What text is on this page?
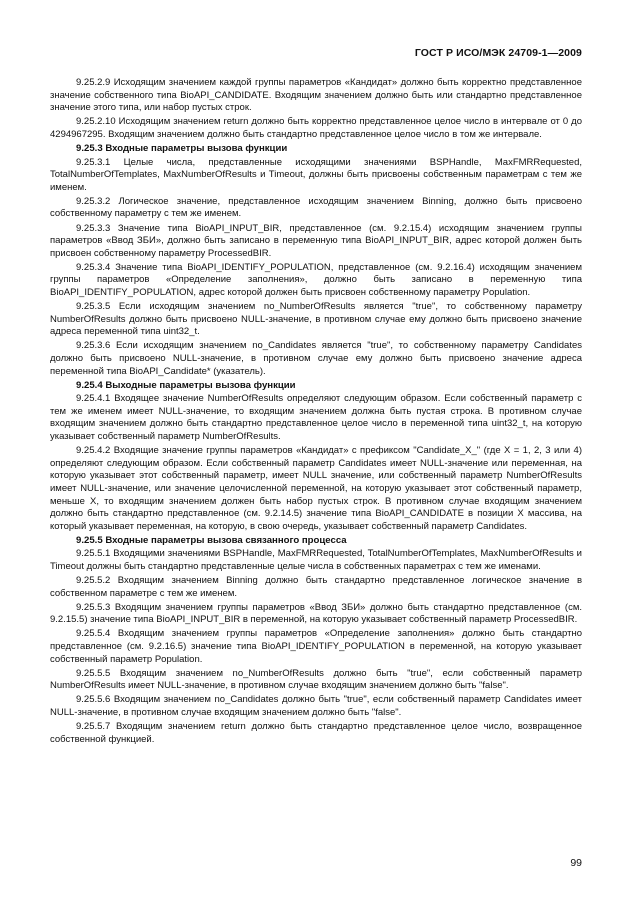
ГОСТ Р ИСО/МЭК 24709-1—2009

9.25.2.9 Исходящим значением каждой группы параметров «Кандидат» должно быть корректно представленное значение собственного типа BioAPI_CANDIDATE. Входящим значением должно быть или стандартно представленное значение этого типа, или набор пустых строк.

9.25.2.10 Исходящим значением return должно быть корректно представленное целое число в интервале от 0 до 4294967295. Входящим значением должно быть стандартно представленное целое число в том же интервале.

9.25.3 Входные параметры вызова функции

9.25.3.1 Целые числа, представленные исходящими значениями BSPHandle, MaxFMRRequested, TotalNumberOfTemplates, MaxNumberOfResults и Timeout, должны быть присвоены собственным параметрам с тем же именем.

9.25.3.2 Логическое значение, представленное исходящим значением Binning, должно быть присвоено собственному параметру с тем же именем.

9.25.3.3 Значение типа BioAPI_INPUT_BIR, представленное (см. 9.2.15.4) исходящим значением группы параметров «Ввод ЗБИ», должно быть записано в переменную типа BioAPI_INPUT_BIR, адрес которой должен быть присвоен собственному параметру ProcessedBIR.

9.25.3.4 Значение типа BioAPI_IDENTIFY_POPULATION, представленное (см. 9.2.16.4) исходящим значением группы параметров «Определение заполнения», должно быть записано в переменную типа BioAPI_IDENTIFY_POPULATION, адрес которой должен быть присвоен собственному параметру Population.

9.25.3.5 Если исходящим значением no_NumberOfResults является "true", то собственному параметру NumberOfResults должно быть присвоено NULL-значение, в противном случае ему должно быть присвоено значение адреса переменной типа uint32_t.

9.25.3.6 Если исходящим значением no_Candidates является "true", то собственному параметру Candidates должно быть присвоено NULL-значение, в противном случае ему должно быть присвоено значение адреса переменной типа BioAPI_Candidate* (указатель).

9.25.4 Выходные параметры вызова функции

9.25.4.1 Входящее значение NumberOfResults определяют следующим образом. Если собственный параметр с тем же именем имеет NULL-значение, то входящим значением должна быть пустая строка. В противном случае входящим значением должно быть стандартно представленное целое число в переменной типа uint32_t, на которую указывает собственный параметр NumberOfResults.

9.25.4.2 Входящие значение группы параметров «Кандидат» с префиксом "Candidate_X_" (где X = 1, 2, 3 или 4) определяют следующим образом. Если собственный параметр Candidates имеет NULL-значение или переменная, на которую указывает этот собственный параметр, имеет NULL значение, или собственный параметр NumberOfResults имеет NULL-значение, или значение целочисленной переменной, на которую указывает этот собственный параметр, меньше X, то входящим значением должен быть набор пустых строк. В противном случае входящим значением должно быть стандартно представленное (см. 9.2.14.5) значение типа BioAPI_CANDIDATE в позиции X массива, на который указывает переменная, на которую, в свою очередь, указывает собственный параметр Candidates.

9.25.5 Входные параметры вызова связанного процесса

9.25.5.1 Входящими значениями BSPHandle, MaxFMRRequested, TotalNumberOfTemplates, MaxNumberOfResults и Timeout должны быть стандартно представленные целые числа в собственных параметрах с тем же именами.

9.25.5.2 Входящим значением Binning должно быть стандартно представленное логическое значение в собственном параметре с тем же именем.

9.25.5.3 Входящим значением группы параметров «Ввод ЗБИ» должно быть стандартно представленное (см. 9.2.15.5) значение типа BioAPI_INPUT_BIR в переменной, на которую указывает собственный параметр ProcessedBIR.

9.25.5.4 Входящим значением группы параметров «Определение заполнения» должно быть стандартно представленное (см. 9.2.16.5) значение типа BioAPI_IDENTIFY_POPULATION в переменной, на которую указывает собственный параметр Population.

9.25.5.5 Входящим значением no_NumberOfResults должно быть "true", если собственный параметр NumberOfResults имеет NULL-значение, в противном случае входящим значением должно быть "false".

9.25.5.6 Входящим значением no_Candidates должно быть "true", если собственный параметр Candidates имеет NULL-значение, в противном случае входящим значением должно быть "false".

9.25.5.7 Входящим значением return должно быть стандартно представленное целое число, возвращенное собственной функцией.

99
